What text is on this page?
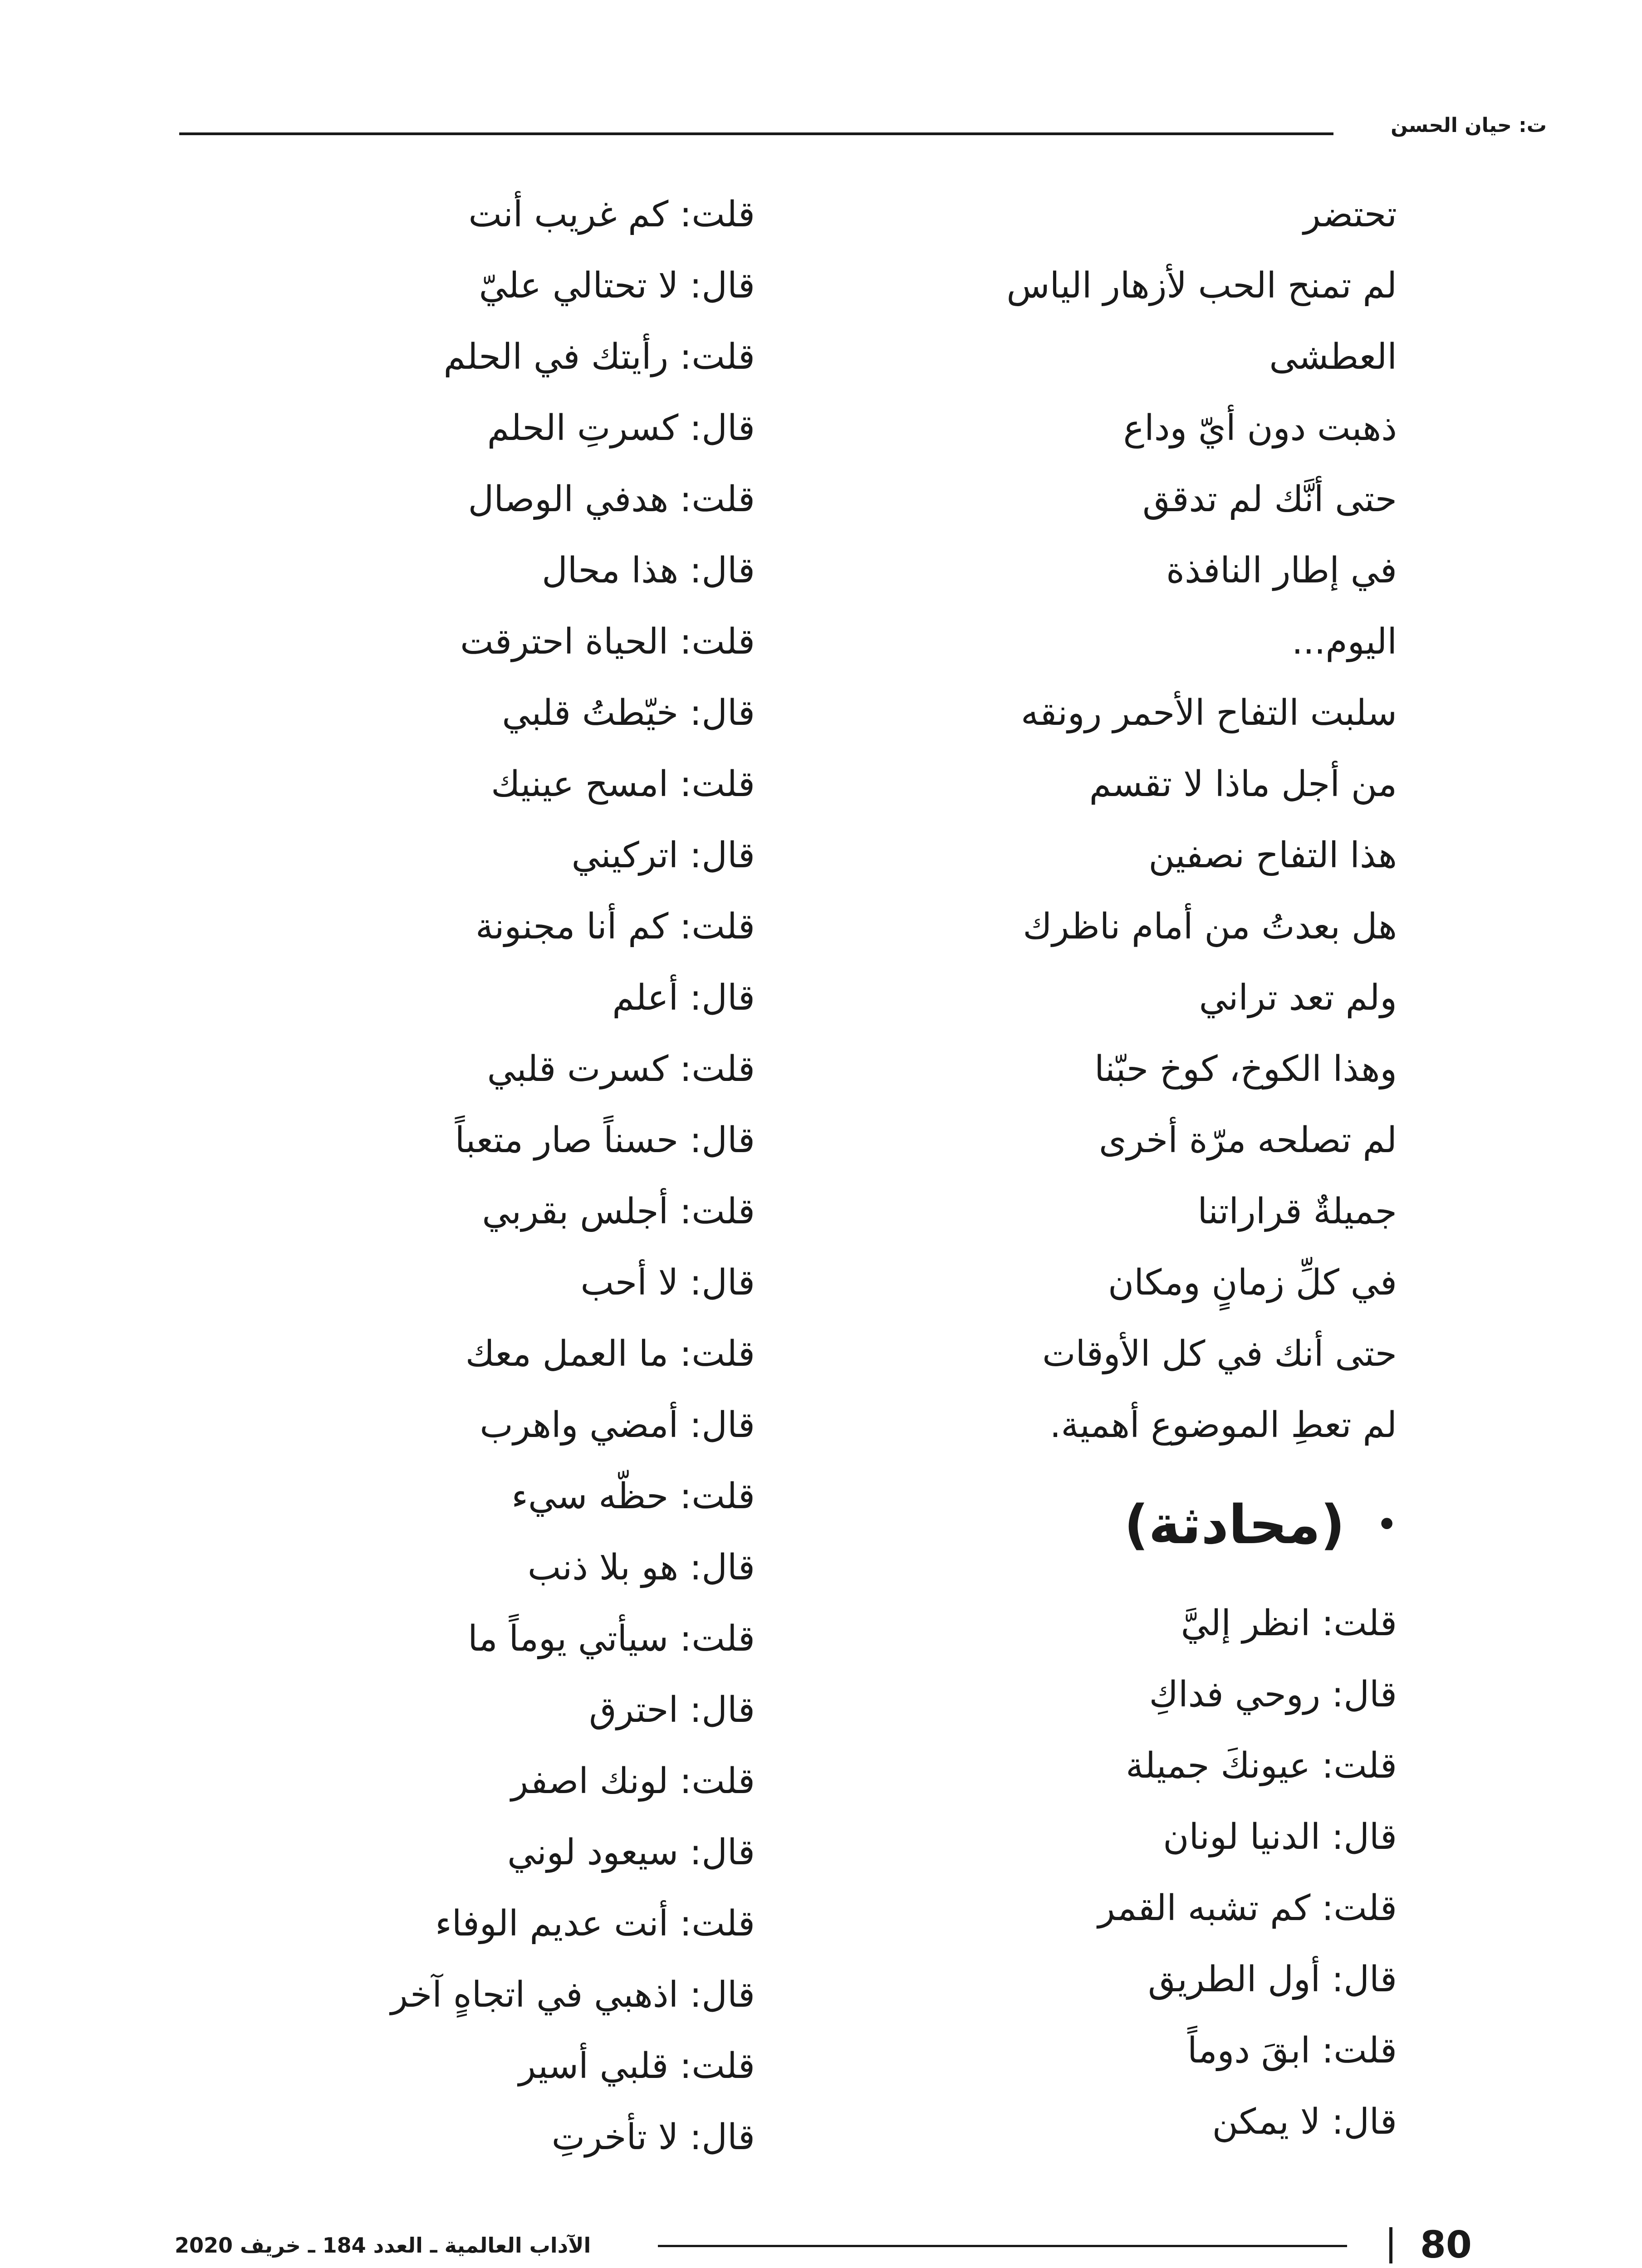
ت: حيان الحسن
تحتضر
لم تمنح الحب لأزهار الياس
العطشى
ذهبت دون أيّ وداع
حتى أنَّك لم تدقق
في إطار النافذة
اليوم...
سلبت التفاح الأحمر رونقه
من أجل ماذا لا تقسم
هذا التفاح نصفين
هل بعدتُ من أمام ناظرك
ولم تعد تراني
وهذا الكوخ، كوخ حبّنا
لم تصلحه مرّة أخرى
جميلةٌ قراراتنا
في كلِّ زمانٍ ومكان
حتى أنك في كل الأوقات
لم تعطِ الموضوع أهمية.
•
(محادثة)
قلت: انظر إليَّ
قال: روحي فداكِ
قلت: عيونكَ جميلة
قال: الدنيا لونان
قلت: كم تشبه القمر
قال: أول الطريق
قلت: ابقَ دوماً
قال: لا يمكن
قلت: كم غريب أنت
قال: لا تحتالي عليّ
قلت: رأيتك في الحلم
قال: كسرتِ الحلم
قلت: هدفي الوصال
قال: هذا محال
قلت: الحياة احترقت
قال: خيّطتُ قلبي
قلت: امسح عينيك
قال: اتركيني
قلت: كم أنا مجنونة
قال: أعلم
قلت: كسرت قلبي
قال: حسناً صار متعباً
قلت: أجلس بقربي
قال: لا أحب
قلت: ما العمل معك
قال: أمضي واهرب
قلت: حظّه سيء
قال: هو بلا ذنب
قلت: سيأتي يوماً ما
قال: احترق
قلت: لونك اصفر
قال: سيعود لوني
قلت: أنت عديم الوفاء
قال: اذهبي في اتجاهٍ آخر
قلت: قلبي أسير
قال: لا تأخرتِ
80
الآداب العالمية ـ العدد 184 ـ خريف 2020
